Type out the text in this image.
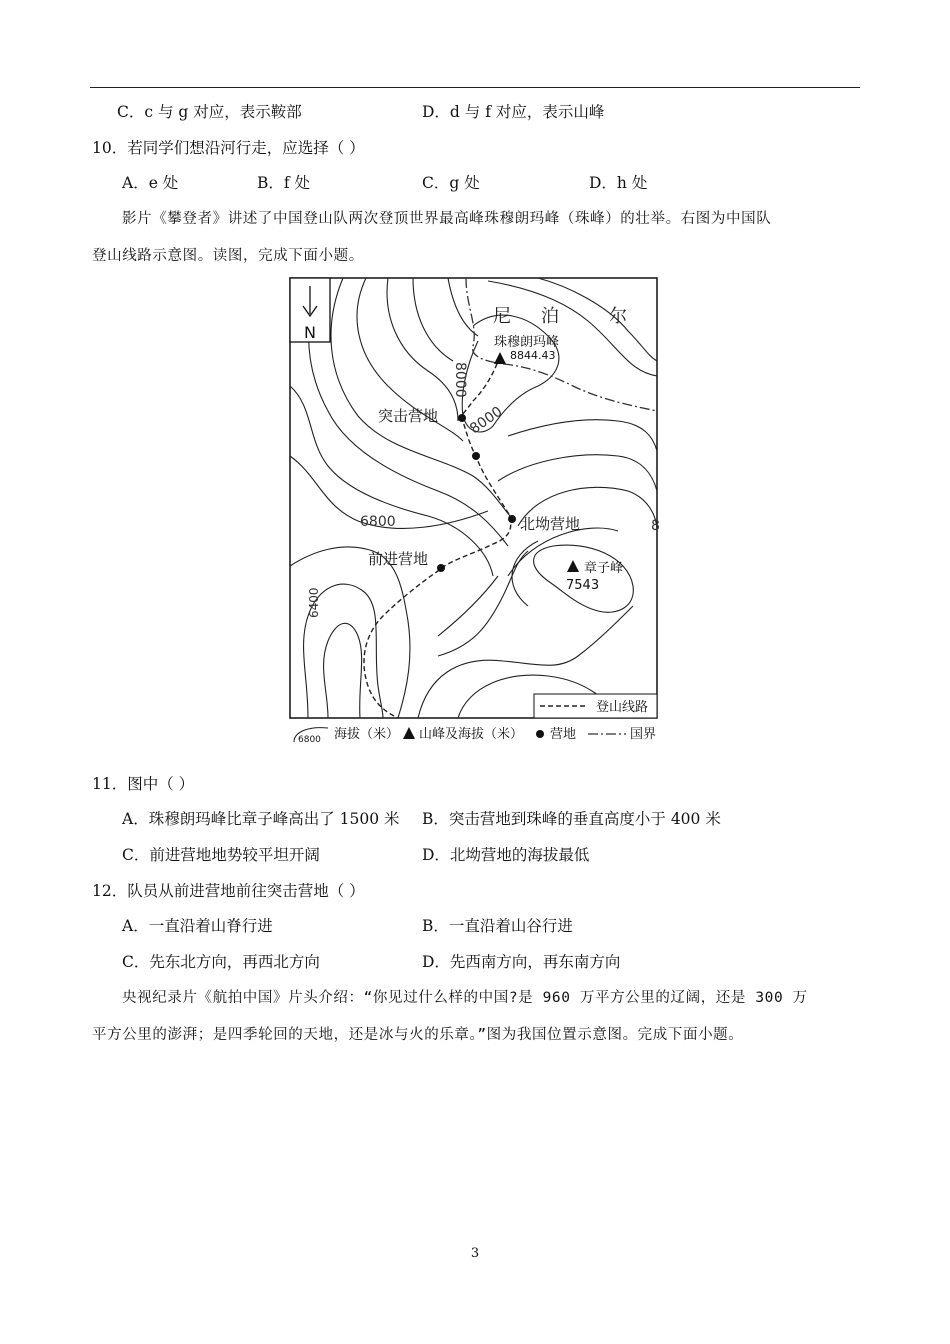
C．c 与 g 对应，表示鞍部	D．d 与 f 对应，表示山峰
10．若同学们想沿河行走，应选择（ ）
A．e 处	B．f 处	C．g 处	D．h 处
影片《攀登者》讲述了中国登山队两次登顶世界最高峰珠穆朗玛峰（珠峰）的壮举。右图为中国队
登山线路示意图。读图，完成下面小题。
N
尼 泊	尔
珠穆朗玛峰
8844.43
章子峰
7543
突击营地
北坳营地
前进营地
8000
8000
6800
6400
8
登山线路
6800 海拔（米） 山峰及海拔（米） 营地	国界
11．图中（ ）
A．珠穆朗玛峰比章子峰高出了 1500 米 B．突击营地到珠峰的垂直高度小于 400 米
C．前进营地地势较平坦开阔	D．北坳营地的海拔最低
12．队员从前进营地前往突击营地（ ）
A．一直沿着山脊行进	B．一直沿着山谷行进
C．先东北方向，再西北方向	D．先西南方向，再东南方向
央视纪录片《航拍中国》片头介绍：“你见过什么样的中国?是 960 万平方公里的辽阔，还是 300 万
平方公里的澎湃；是四季轮回的天地，还是冰与火的乐章。”图为我国位置示意图。完成下面小题。
3
